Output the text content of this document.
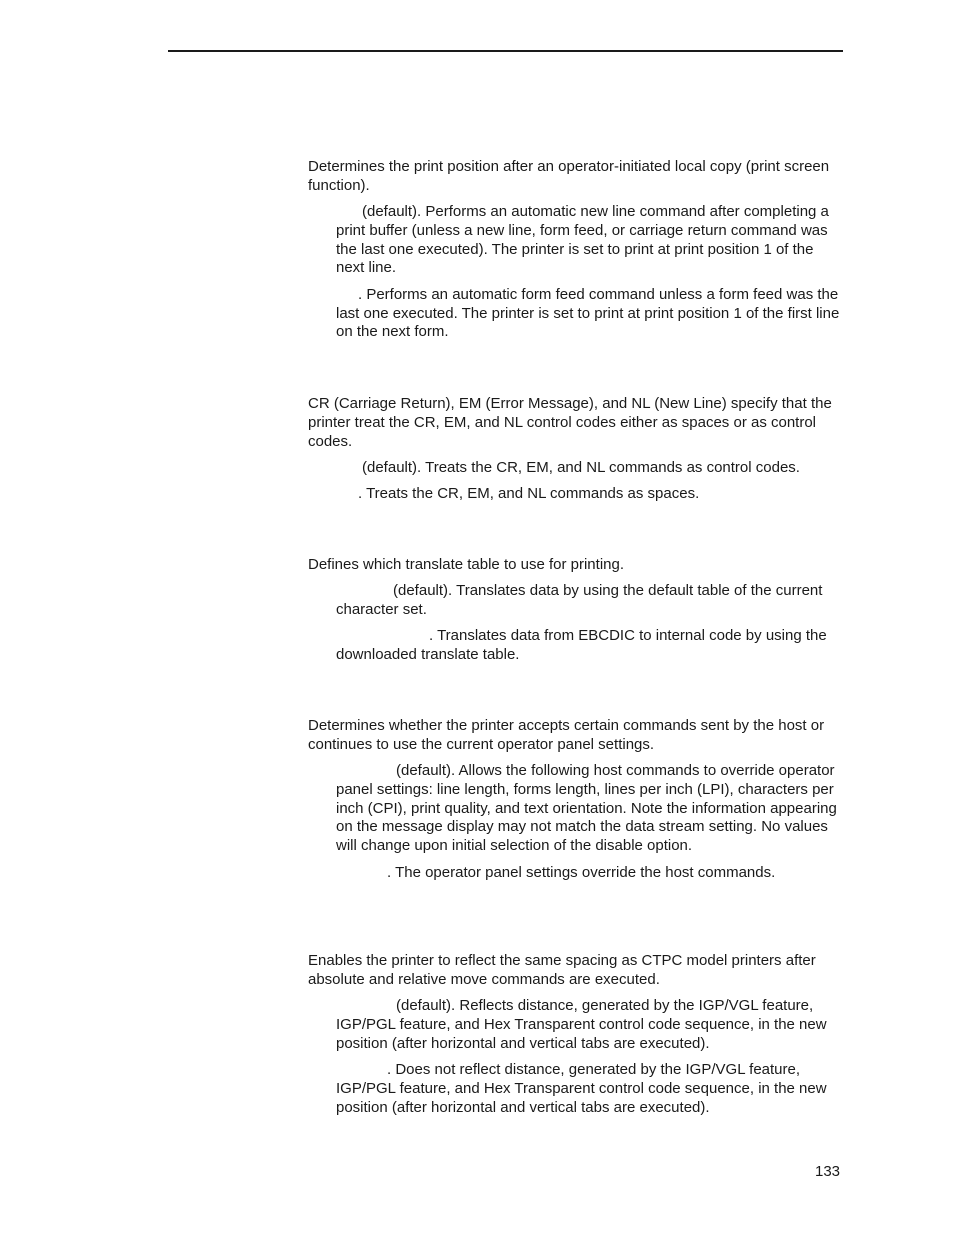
Determines the print position after an operator-initiated local copy (print screen function).

(default). Performs an automatic new line command after completing a print buffer (unless a new line, form feed, or carriage return command was the last one executed). The printer is set to print at print position 1 of the next line.

. Performs an automatic form feed command unless a form feed was the last one executed. The printer is set to print at print position 1 of the first line on the next form.

CR (Carriage Return), EM (Error Message), and NL (New Line) specify that the printer treat the CR, EM, and NL control codes either as spaces or as control codes.

(default). Treats the CR, EM, and NL commands as control codes.

. Treats the CR, EM, and NL commands as spaces.

Defines which translate table to use for printing.

(default). Translates data by using the default table of the current character set.

. Translates data from EBCDIC to internal code by using the downloaded translate table.

Determines whether the printer accepts certain commands sent by the host or continues to use the current operator panel settings.

(default). Allows the following host commands to override operator panel settings: line length, forms length, lines per inch (LPI), characters per inch (CPI), print quality, and text orientation. Note the information appearing on the message display may not match the data stream setting. No values will change upon initial selection of the disable option.

. The operator panel settings override the host commands.

Enables the printer to reflect the same spacing as CTPC model printers after absolute and relative move commands are executed.

(default). Reflects distance, generated by the IGP/VGL feature, IGP/PGL feature, and Hex Transparent control code sequence, in the new position (after horizontal and vertical tabs are executed).

. Does not reflect distance, generated by the IGP/VGL feature, IGP/PGL feature, and Hex Transparent control code sequence, in the new position (after horizontal and vertical tabs are executed).

133
